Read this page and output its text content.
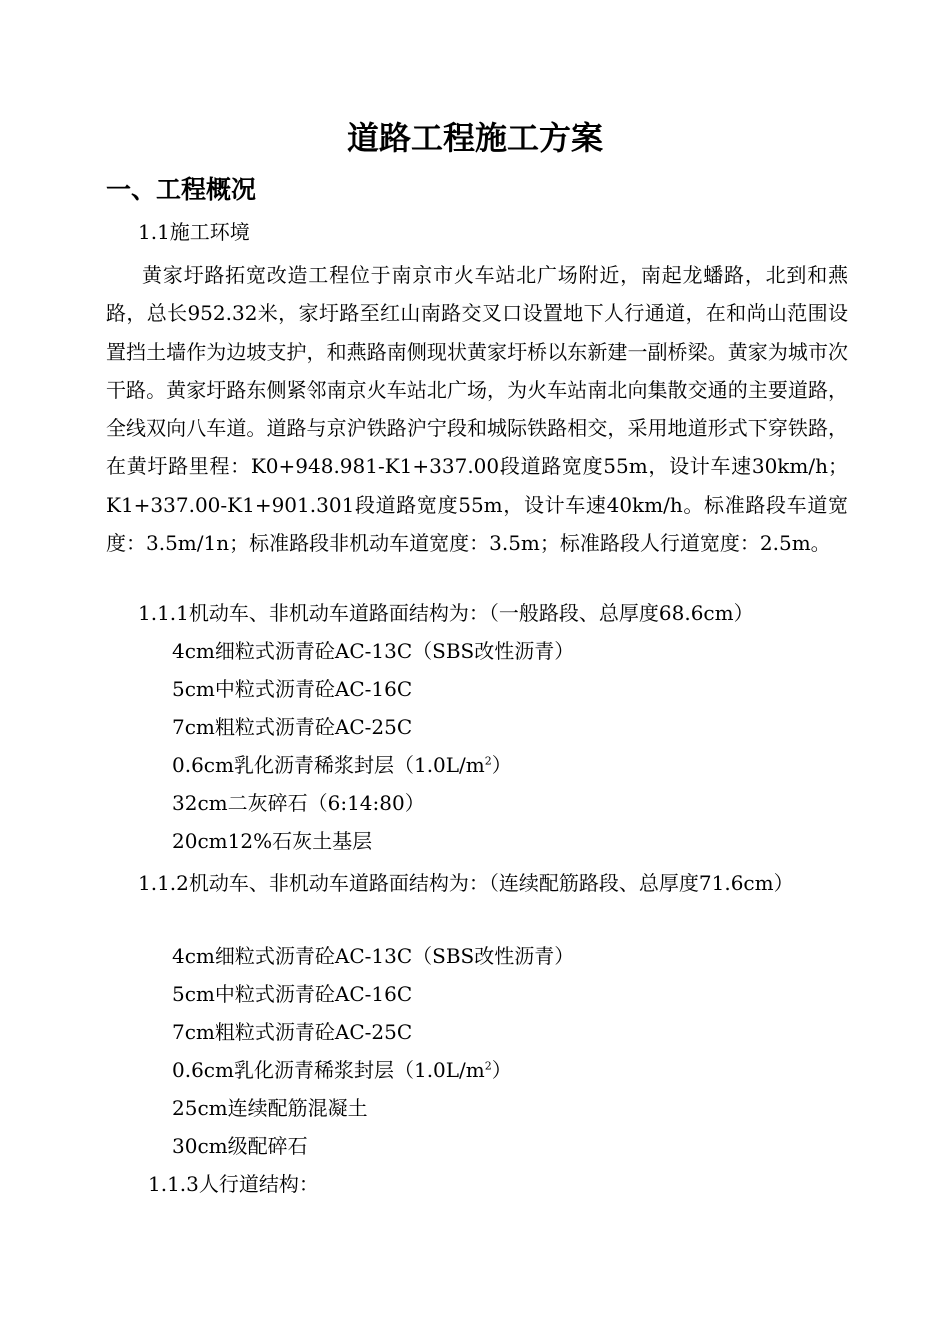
道路工程施工方案
一、工程概况

1.1施工环境

黄家圩路拓宽改造工程位于南京市火车站北广场附近，南起龙蟠路，北到和燕路，总长952.32米，家圩路至红山南路交叉口设置地下人行通道，在和尚山范围设置挡土墙作为边坡支护，和燕路南侧现状黄家圩桥以东新建一副桥梁。黄家为城市次干路。黄家圩路东侧紧邻南京火车站北广场，为火车站南北向集散交通的主要道路，全线双向八车道。道路与京沪铁路沪宁段和城际铁路相交，采用地道形式下穿铁路，在黄圩路里程：K0+948.981-K1+337.00段道路宽度55m，设计车速30km/h；K1+337.00-K1+901.301段道路宽度55m，设计车速40km/h。标准路段车道宽度：3.5m/1n；标准路段非机动车道宽度：3.5m；标准路段人行道宽度：2.5m。

1.1.1机动车、非机动车道路面结构为：（一般路段、总厚度68.6cm）

4cm细粒式沥青砼AC-13C（SBS改性沥青）

5cm中粒式沥青砼AC-16C

7cm粗粒式沥青砼AC-25C

0.6cm乳化沥青稀浆封层$(1.0L/m^2)$

32cm二灰碎石（6:14:80）

20cm12%石灰土基层

1.1.2机动车、非机动车道路面结构为：（连续配筋路段、总厚度71.6cm）

4cm细粒式沥青砼AC-13C（SBS改性沥青）

5cm中粒式沥青砼AC-16C

7cm粗粒式沥青砼AC-25C

0.6cm乳化沥青稀浆封层$(1.0L/m^2)$

25cm连续配筋混凝土

30cm级配碎石

1.1.3人行道结构：
